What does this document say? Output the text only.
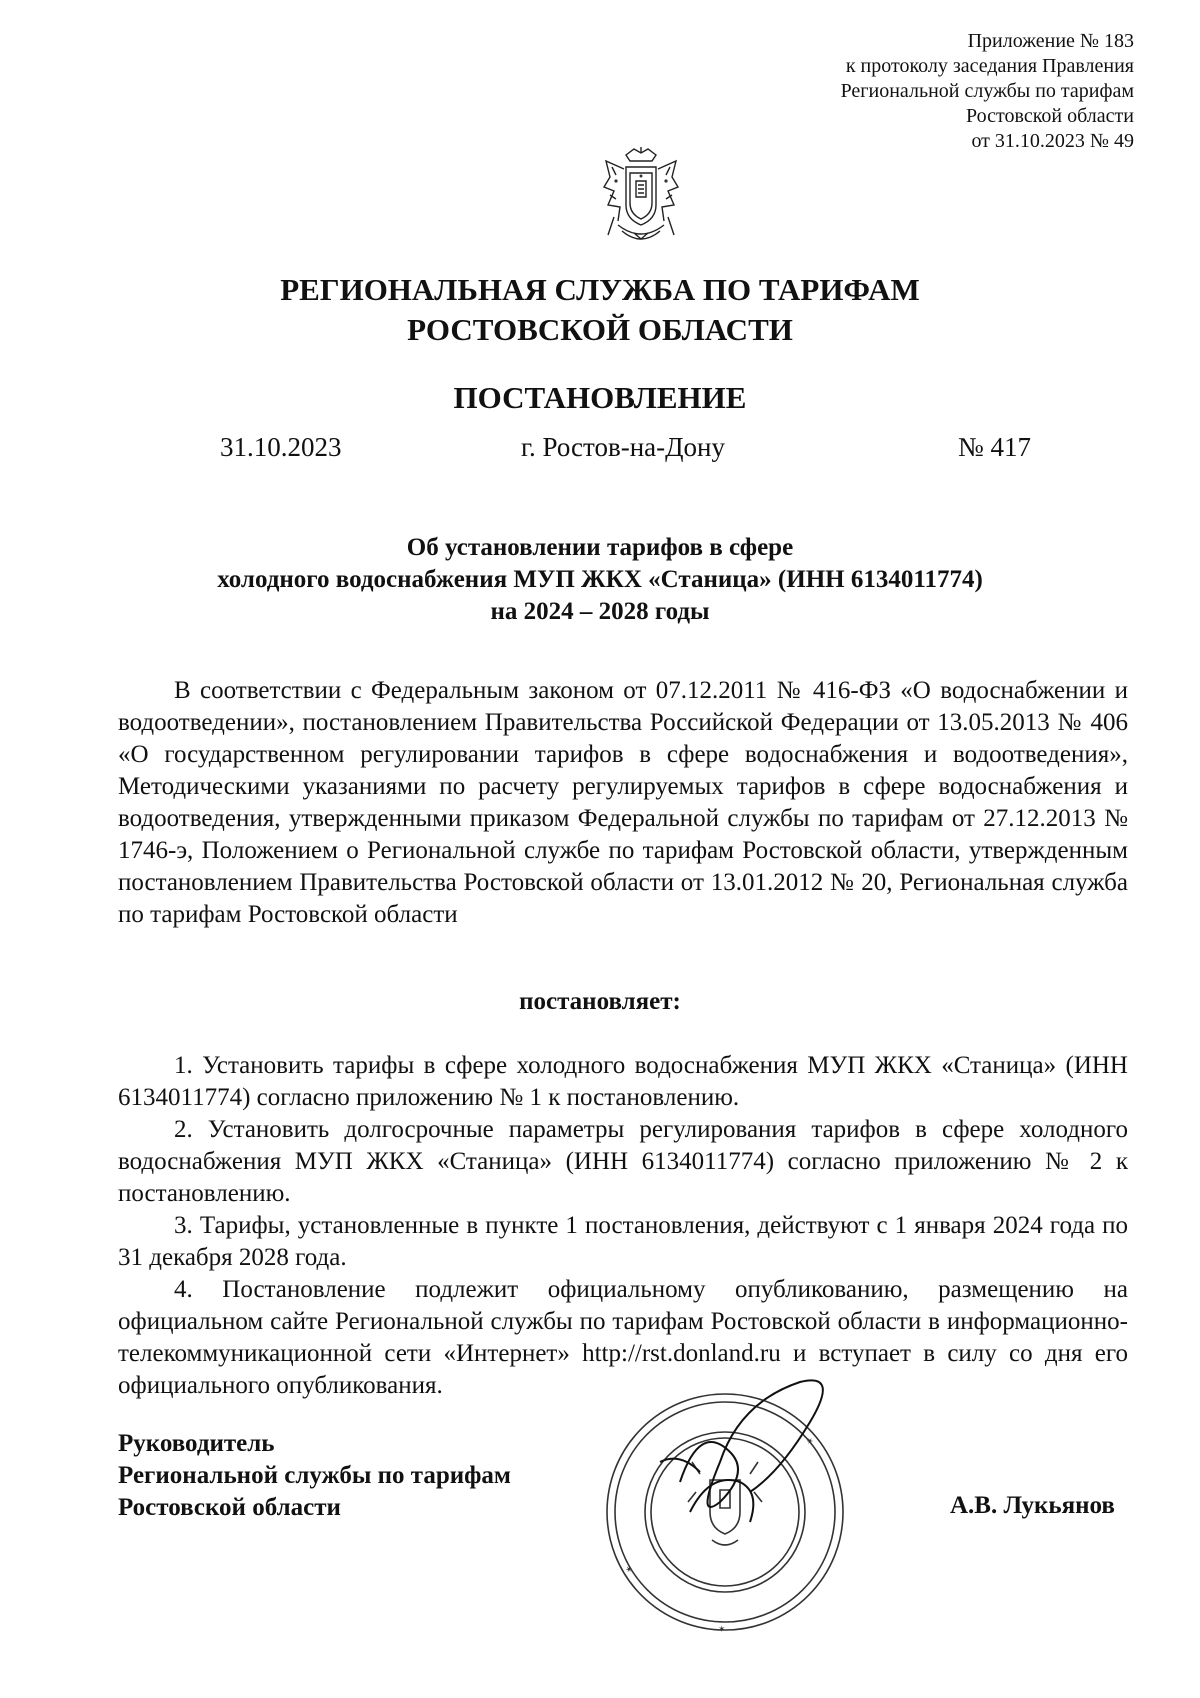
Приложение № 183

к протоколу заседания Правления

Региональной службы по тарифам

Ростовской области

от 31.10.2023 № 49

РЕГИОНАЛЬНАЯ СЛУЖБА ПО ТАРИФАМ

РОСТОВСКОЙ ОБЛАСТИ

ПОСТАНОВЛЕНИЕ
31.10.2023	г. Ростов-на-Дону	№ 417

Об установлении тарифов в сфере

холодного водоснабжения МУП ЖКХ «Станица» (ИНН 6134011774)

на 2024 – 2028 годы

В соответствии с Федеральным законом от 07.12.2011 № 416-ФЗ «О водоснабжении и водоотведении», постановлением Правительства Российской Федерации от 13.05.2013 № 406 «О государственном регулировании тарифов в сфере водоснабжения и водоотведения», Методическими указаниями по расчету регулируемых тарифов в сфере водоснабжения и водоотведения, утвержденными приказом Федеральной службы по тарифам от 27.12.2013 № 1746-э, Положением о Региональной службе по тарифам Ростовской области, утвержденным постановлением Правительства Ростовской области от 13.01.2012 № 20, Региональная служба по тарифам Ростовской области

постановляет:

1. Установить тарифы в сфере холодного водоснабжения МУП ЖКХ «Станица» (ИНН 6134011774) согласно приложению № 1 к постановлению.

2. Установить долгосрочные параметры регулирования тарифов в сфере холодного водоснабжения МУП ЖКХ «Станица» (ИНН 6134011774) согласно приложению № 2 к постановлению.

3. Тарифы, установленные в пункте 1 постановления, действуют с 1 января 2024 года по 31 декабря 2028 года.

4. Постановление подлежит официальному опубликованию, размещению на официальном сайте Региональной службы по тарифам Ростовской области в информационно-телекоммуникационной сети «Интернет» http://rst.donland.ru и вступает в силу со дня его официального опубликования.

Руководитель

Региональной службы по тарифам

Ростовской области

✶
✶
✶
А.В. Лукьянов
